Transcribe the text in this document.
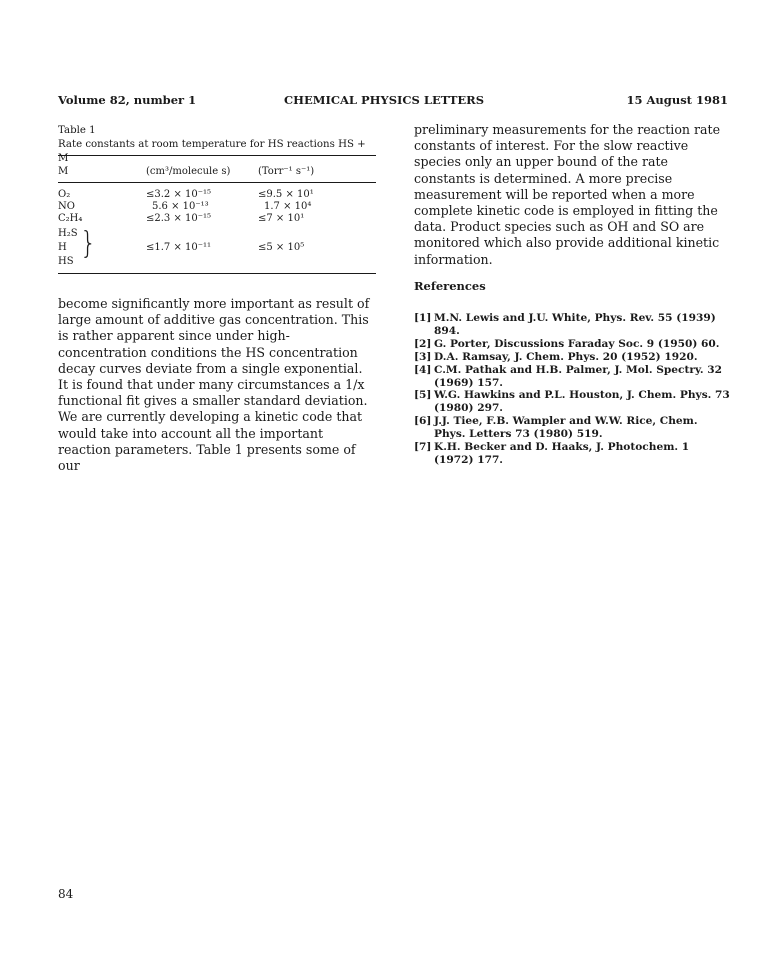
Volume 82, number 1	CHEMICAL PHYSICS LETTERS	15 August 1981
Table 1
Rate constants at room temperature for HS reactions HS + M
M	(cm³/molecule s)	(Torr⁻¹ s⁻¹)
O₂	≤3.2 × 10⁻¹⁵	≤9.5 × 10¹
NO	5.6 × 10⁻¹³	1.7 × 10⁴
C₂H₄	≤2.3 × 10⁻¹⁵	≤7 × 10¹
H₂S
H	≤1.7 × 10⁻¹¹	≤5 × 10⁵
HS
}
become significantly more important as result of large amount of additive gas concentration. This is rather apparent since under high-concentration conditions the HS concentration decay curves deviate from a single exponential. It is found that under many circumstances a 1/x functional fit gives a smaller standard deviation. We are currently developing a kinetic code that would take into account all the important reaction parameters. Table 1 presents some of our
preliminary measurements for the reaction rate constants of interest. For the slow reactive species only an upper bound of the rate constants is determined. A more precise measurement will be reported when a more complete kinetic code is employed in fitting the data. Product species such as OH and SO are monitored which also provide additional kinetic information.
References
[1] M.N. Lewis and J.U. White, Phys. Rev. 55 (1939) 894.
[2] G. Porter, Discussions Faraday Soc. 9 (1950) 60.
[3] D.A. Ramsay, J. Chem. Phys. 20 (1952) 1920.
[4] C.M. Pathak and H.B. Palmer, J. Mol. Spectry. 32 (1969) 157.
[5] W.G. Hawkins and P.L. Houston, J. Chem. Phys. 73 (1980) 297.
[6] J.J. Tiee, F.B. Wampler and W.W. Rice, Chem. Phys. Letters 73 (1980) 519.
[7] K.H. Becker and D. Haaks, J. Photochem. 1 (1972) 177.
84
